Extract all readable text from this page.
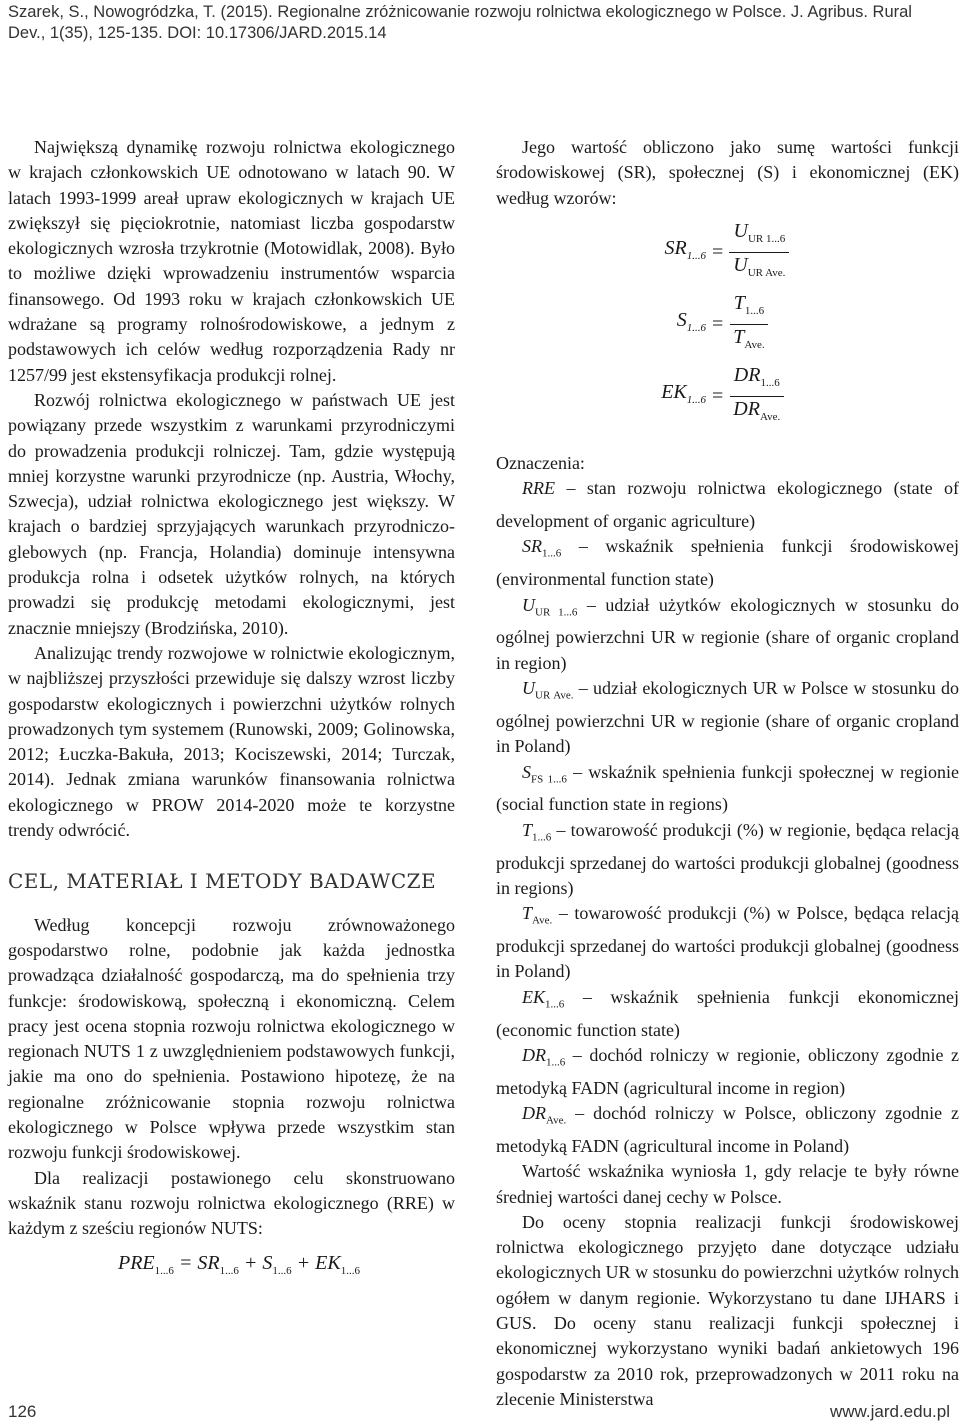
Szarek, S., Nowogródzka, T. (2015). Regionalne zróżnicowanie rozwoju rolnictwa ekologicznego w Polsce. J. Agribus. Rural Dev., 1(35), 125-135. DOI: 10.17306/JARD.2015.14

Największą dynamikę rozwoju rolnictwa ekologicznego w krajach członkowskich UE odnotowano w latach 90. W latach 1993-1999 areał upraw ekologicznych w krajach UE zwiększył się pięciokrotnie, natomiast liczba gospodarstw ekologicznych wzrosła trzykrotnie (Motowidlak, 2008). Było to możliwe dzięki wprowadzeniu instrumentów wsparcia finansowego. Od 1993 roku w krajach członkowskich UE wdrażane są programy rolnośrodowiskowe, a jednym z podstawowych ich celów według rozporządzenia Rady nr 1257/99 jest ekstensyfikacja produkcji rolnej.

Rozwój rolnictwa ekologicznego w państwach UE jest powiązany przede wszystkim z warunkami przyrodniczymi do prowadzenia produkcji rolniczej. Tam, gdzie występują mniej korzystne warunki przyrodnicze (np. Austria, Włochy, Szwecja), udział rolnictwa ekologicznego jest większy. W krajach o bardziej sprzyjających warunkach przyrodniczo-glebowych (np. Francja, Holandia) dominuje intensywna produkcja rolna i odsetek użytków rolnych, na których prowadzi się produkcję metodami ekologicznymi, jest znacznie mniejszy (Brodzińska, 2010).

Analizując trendy rozwojowe w rolnictwie ekologicznym, w najbliższej przyszłości przewiduje się dalszy wzrost liczby gospodarstw ekologicznych i powierzchni użytków rolnych prowadzonych tym systemem (Runowski, 2009; Golinowska, 2012; Łuczka-Bakuła, 2013; Kociszewski, 2014; Turczak, 2014). Jednak zmiana warunków finansowania rolnictwa ekologicznego w PROW 2014-2020 może te korzystne trendy odwrócić.

CEL, MATERIAŁ I METODY BADAWCZE

Według koncepcji rozwoju zrównoważonego gospodarstwo rolne, podobnie jak każda jednostka prowadząca działalność gospodarczą, ma do spełnienia trzy funkcje: środowiskową, społeczną i ekonomiczną. Celem pracy jest ocena stopnia rozwoju rolnictwa ekologicznego w regionach NUTS 1 z uwzględnieniem podstawowych funkcji, jakie ma ono do spełnienia. Postawiono hipotezę, że na regionalne zróżnicowanie stopnia rozwoju rolnictwa ekologicznego w Polsce wpływa przede wszystkim stan rozwoju funkcji środowiskowej.

Dla realizacji postawionego celu skonstruowano wskaźnik stanu rozwoju rolnictwa ekologicznego (RRE) w każdym z sześciu regionów NUTS:

$PRE_{1...6} = SR_{1...6} + S_{1...6} + EK_{1...6}$

Jego wartość obliczono jako sumę wartości funkcji środowiskowej (SR), społecznej (S) i ekonomicznej (EK) według wzorów:

$SR_{1...6} = \frac{U_{UR 1...6}}{U_{UR Ave.}}$
$S_{1...6} = \frac{T_{1...6}}{T_{Ave.}}$
$EK_{1...6} = \frac{DR_{1...6}}{DR_{Ave.}}$

Oznaczenia:

RRE – stan rozwoju rolnictwa ekologicznego (state of development of organic agriculture)

$SR_{1...6}$ – wskaźnik spełnienia funkcji środowiskowej (environmental function state)

$U_{UR 1...6}$ – udział użytków ekologicznych w stosunku do ogólnej powierzchni UR w regionie (share of organic cropland in region)

$U_{UR Ave.}$ – udział ekologicznych UR w Polsce w stosunku do ogólnej powierzchni UR w regionie (share of organic cropland in Poland)

$S_{FS 1...6}$ – wskaźnik spełnienia funkcji społecznej w regionie (social function state in regions)

$T_{1...6}$ – towarowość produkcji (%) w regionie, będąca relacją produkcji sprzedanej do wartości produkcji globalnej (goodness in regions)

$T_{Ave.}$ – towarowość produkcji (%) w Polsce, będąca relacją produkcji sprzedanej do wartości produkcji globalnej (goodness in Poland)

$EK_{1...6}$ – wskaźnik spełnienia funkcji ekonomicznej (economic function state)

$DR_{1...6}$ – dochód rolniczy w regionie, obliczony zgodnie z metodyką FADN (agricultural income in region)

$DR_{Ave.}$ – dochód rolniczy w Polsce, obliczony zgodnie z metodyką FADN (agricultural income in Poland)

Wartość wskaźnika wyniosła 1, gdy relacje te były równe średniej wartości danej cechy w Polsce.

Do oceny stopnia realizacji funkcji środowiskowej rolnictwa ekologicznego przyjęto dane dotyczące udziału ekologicznych UR w stosunku do powierzchni użytków rolnych ogółem w danym regionie. Wykorzystano tu dane IJHARS i GUS. Do oceny stanu realizacji funkcji społecznej i ekonomicznej wykorzystano wyniki badań ankietowych 196 gospodarstw za 2010 rok, przeprowadzonych w 2011 roku na zlecenie Ministerstwa

126	www.jard.edu.pl
